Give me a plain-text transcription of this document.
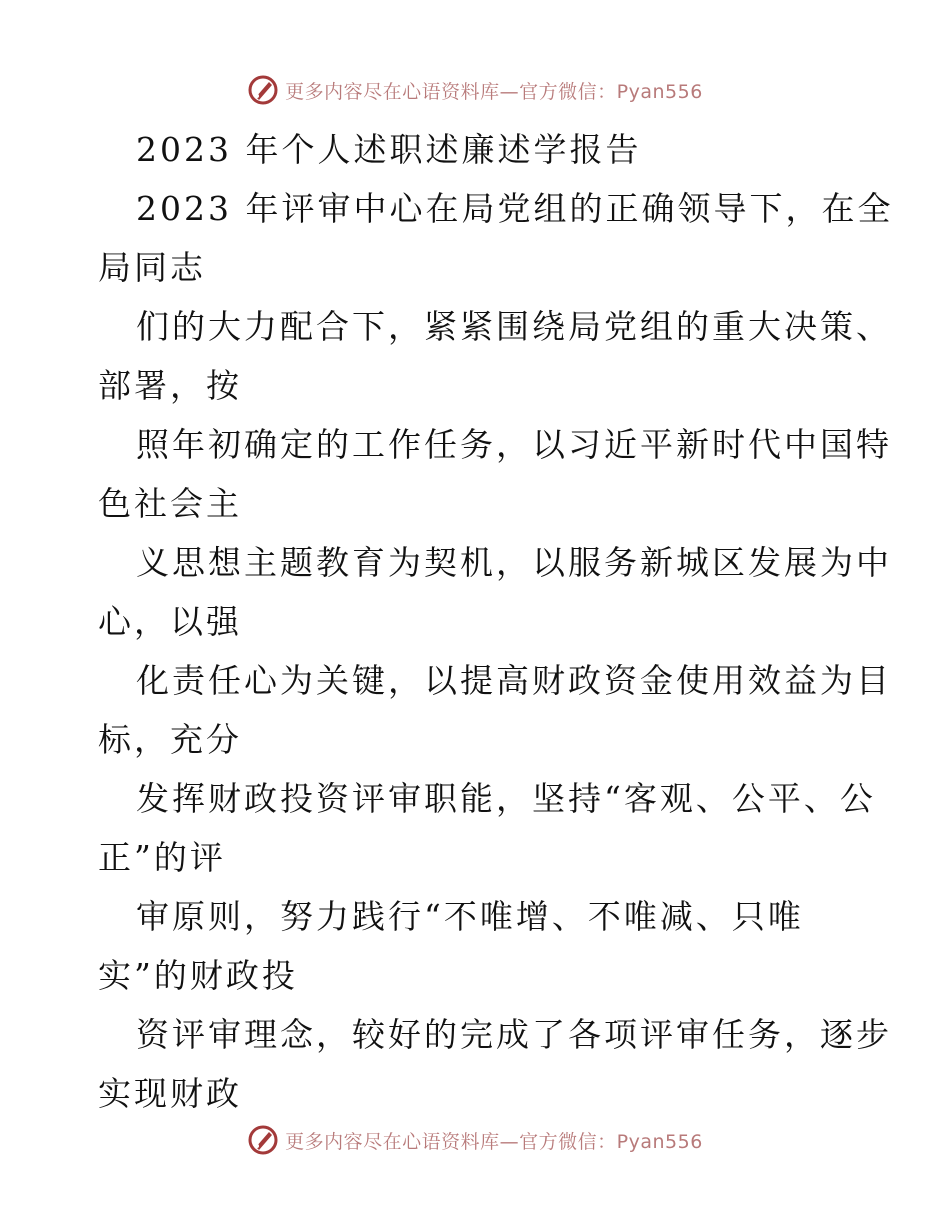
更多内容尽在心语资料库—官方微信：Pyan556
2023 年个人述职述廉述学报告
2023 年评审中心在局党组的正确领导下，在全
局同志
们的大力配合下，紧紧围绕局党组的重大决策、
部署，按
照年初确定的工作任务，以习近平新时代中国特
色社会主
义思想主题教育为契机，以服务新城区发展为中
心，以强
化责任心为关键，以提高财政资金使用效益为目
标，充分
发挥财政投资评审职能，坚持“客观、公平、公
正”的评
审原则，努力践行“不唯增、不唯减、只唯
实”的财政投
资评审理念，较好的完成了各项评审任务，逐步
实现财政
更多内容尽在心语资料库—官方微信：Pyan556
